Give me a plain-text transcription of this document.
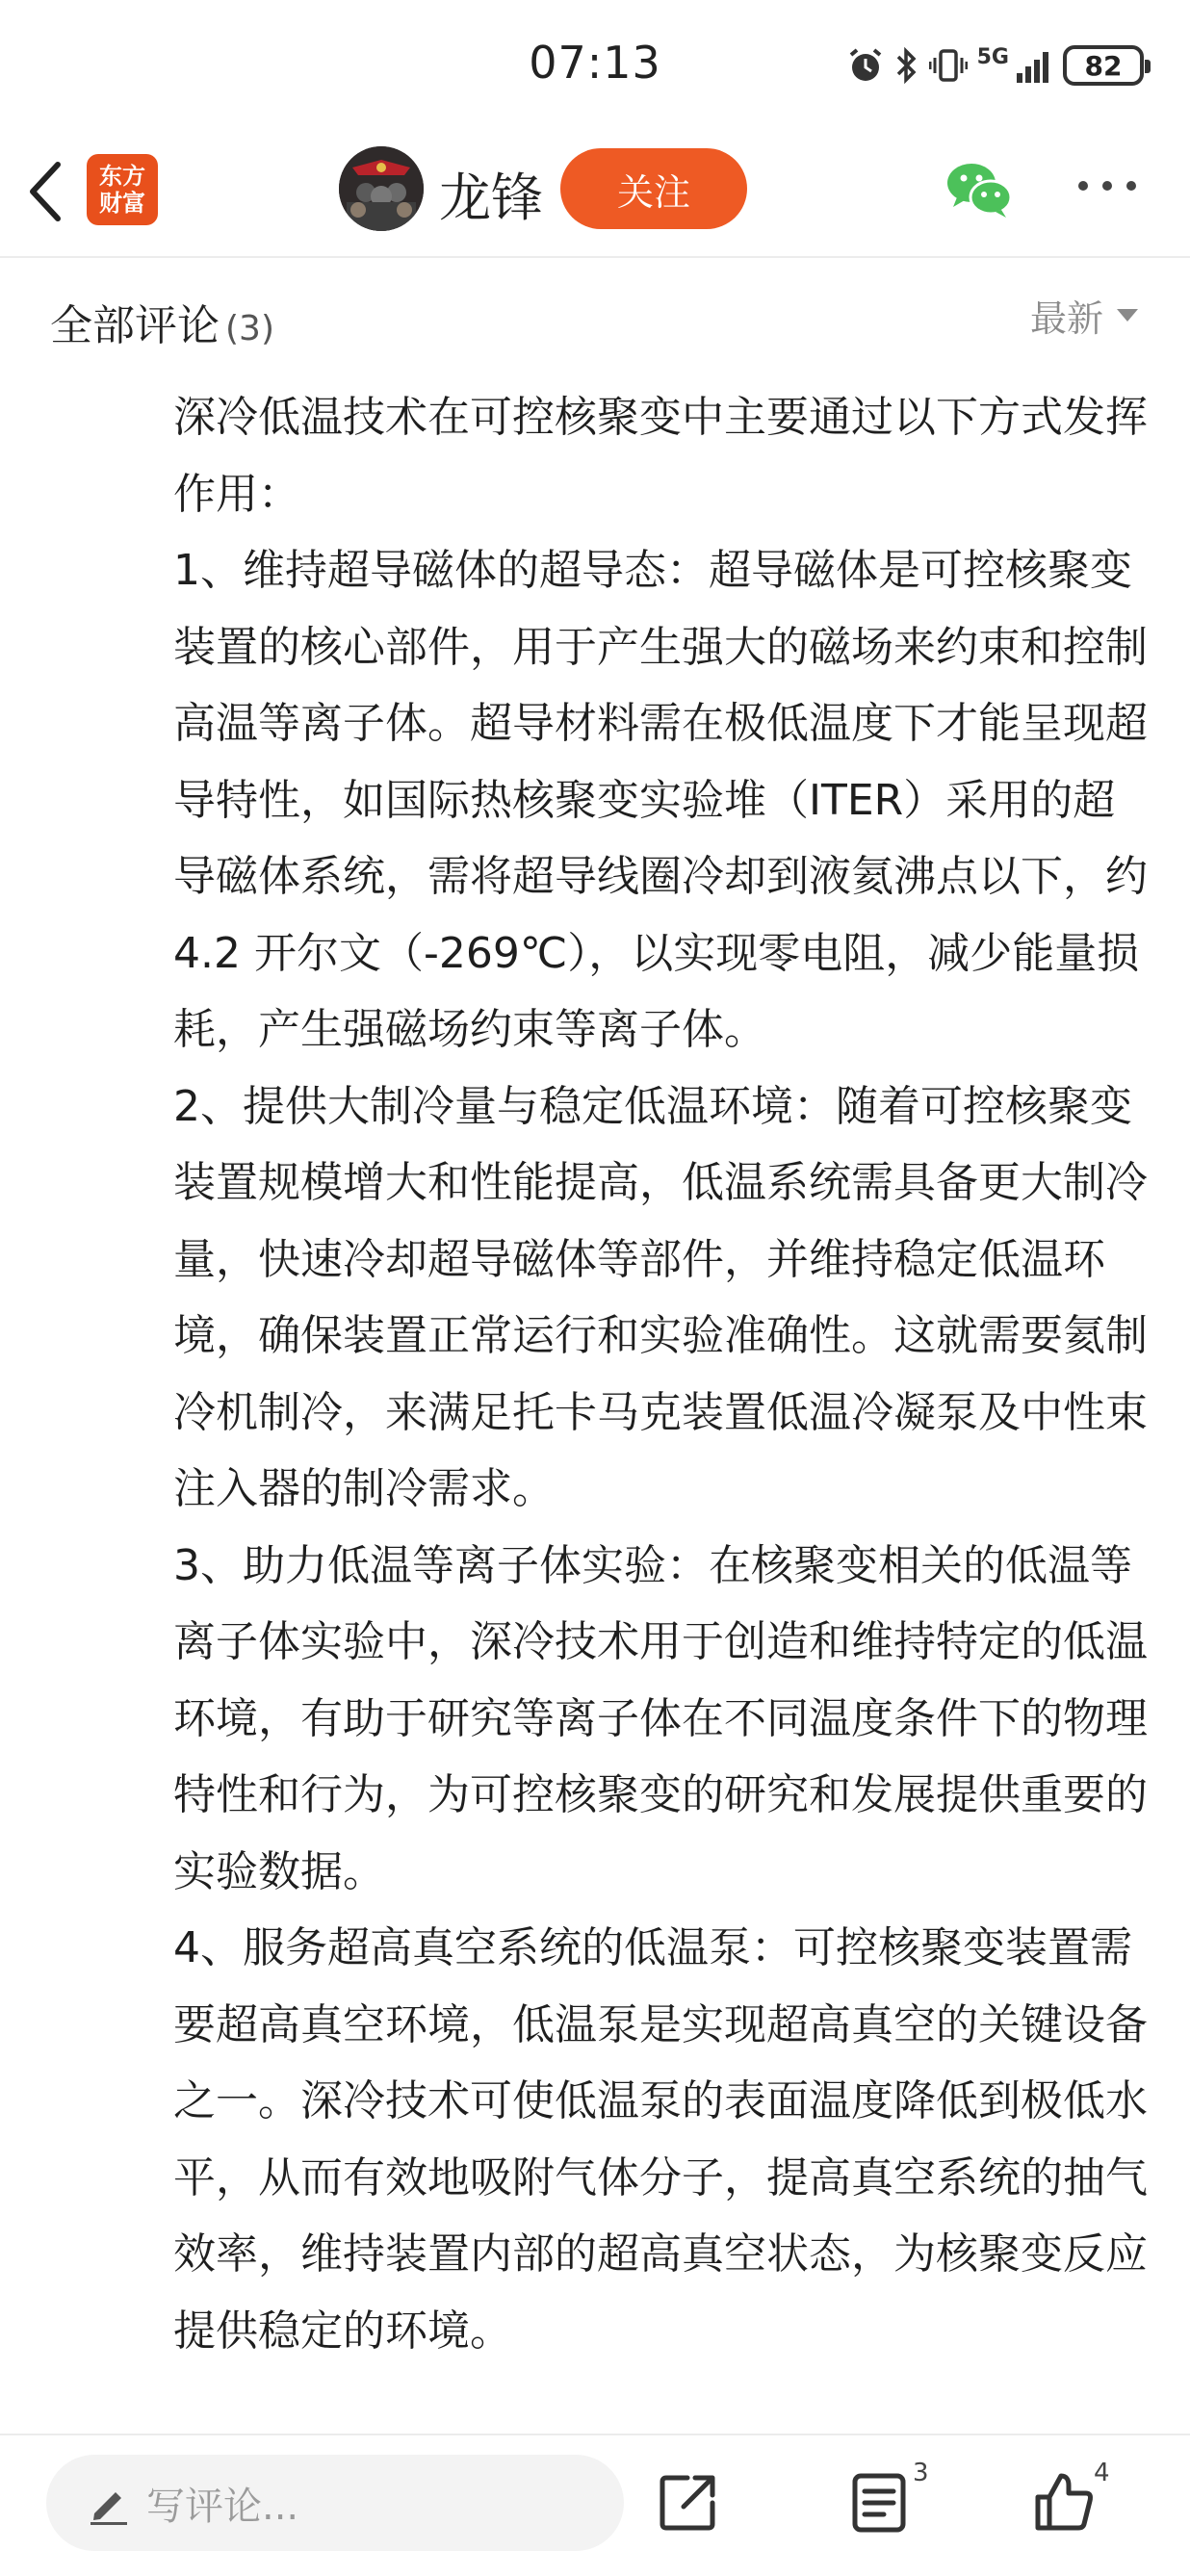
07:13	5G	82
东方
财富	龙锋	关注
全部评论 (3)	最新

深冷低温技术在可控核聚变中主要通过以下方式发挥作用：

1、维持超导磁体的超导态：超导磁体是可控核聚变装置的核心部件，用于产生强大的磁场来约束和控制高温等离子体。超导材料需在极低温度下才能呈现超导特性，如国际热核聚变实验堆（ITER）采用的超导磁体系统，需将超导线圈冷却到液氦沸点以下，约 4.2 开尔文（-269℃），以实现零电阻，减少能量损耗，产生强磁场约束等离子体。

2、提供大制冷量与稳定低温环境：随着可控核聚变装置规模增大和性能提高，低温系统需具备更大制冷量，快速冷却超导磁体等部件，并维持稳定低温环境，确保装置正常运行和实验准确性。这就需要氦制冷机制冷，来满足托卡马克装置低温冷凝泵及中性束注入器的制冷需求。

3、助力低温等离子体实验：在核聚变相关的低温等离子体实验中，深冷技术用于创造和维持特定的低温环境，有助于研究等离子体在不同温度条件下的物理特性和行为，为可控核聚变的研究和发展提供重要的实验数据。

4、服务超高真空系统的低温泵：可控核聚变装置需要超高真空环境，低温泵是实现超高真空的关键设备之一。深冷技术可使低温泵的表面温度降低到极低水平，从而有效地吸附气体分子，提高真空系统的抽气效率，维持装置内部的超高真空状态，为核聚变反应提供稳定的环境。

写评论...
3	4
